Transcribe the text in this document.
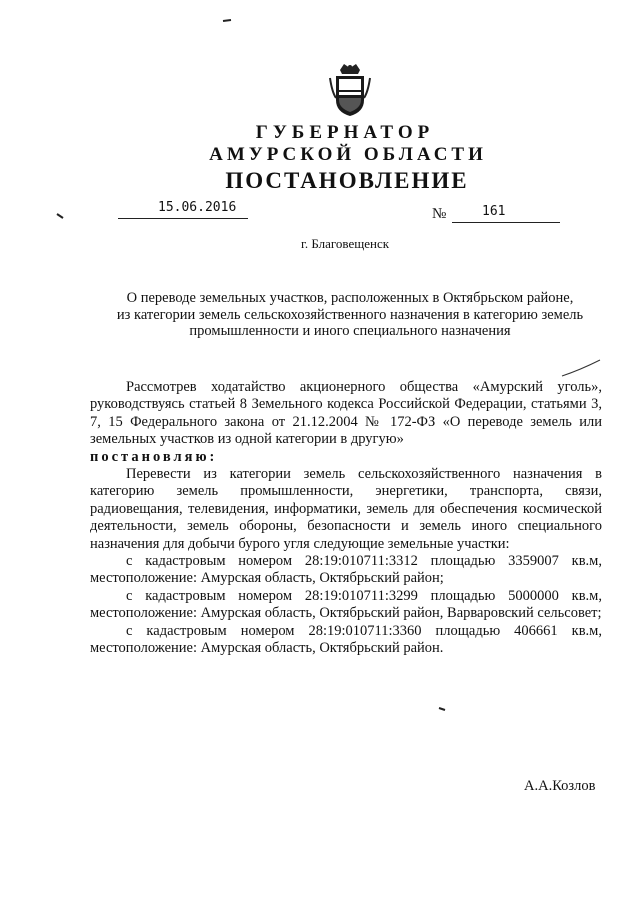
ГУБЕРНАТОР
АМУРСКОЙ ОБЛАСТИ
ПОСТАНОВЛЕНИЕ
15.06.2016	№	161
г. Благовещенск
О переводе земельных участков, расположенных в Октябрьском районе,
из категории земель сельскохозяйственного назначения в категорию земель
промышленности и иного специального назначения

Рассмотрев ходатайство акционерного общества «Амурский уголь», руководствуясь статьей 8 Земельного кодекса Российской Федерации, статьями 3, 7, 15 Федерального закона от 21.12.2004 № 172-ФЗ «О переводе земель или земельных участков из одной категории в другую»

постановляю:

Перевести из категории земель сельскохозяйственного назначения в категорию земель промышленности, энергетики, транспорта, связи, радиовещания, телевидения, информатики, земель для обеспечения космической деятельности, земель обороны, безопасности и земель иного специального назначения для добычи бурого угля следующие земельные участки:

с кадастровым номером 28:19:010711:3312 площадью 3359007 кв.м, местоположение: Амурская область, Октябрьский район;

с кадастровым номером 28:19:010711:3299 площадью 5000000 кв.м, местоположение: Амурская область, Октябрьский район, Варваровский сельсовет;

с кадастровым номером 28:19:010711:3360 площадью 406661 кв.м, местоположение: Амурская область, Октябрьский район.

А.А.Козлов
